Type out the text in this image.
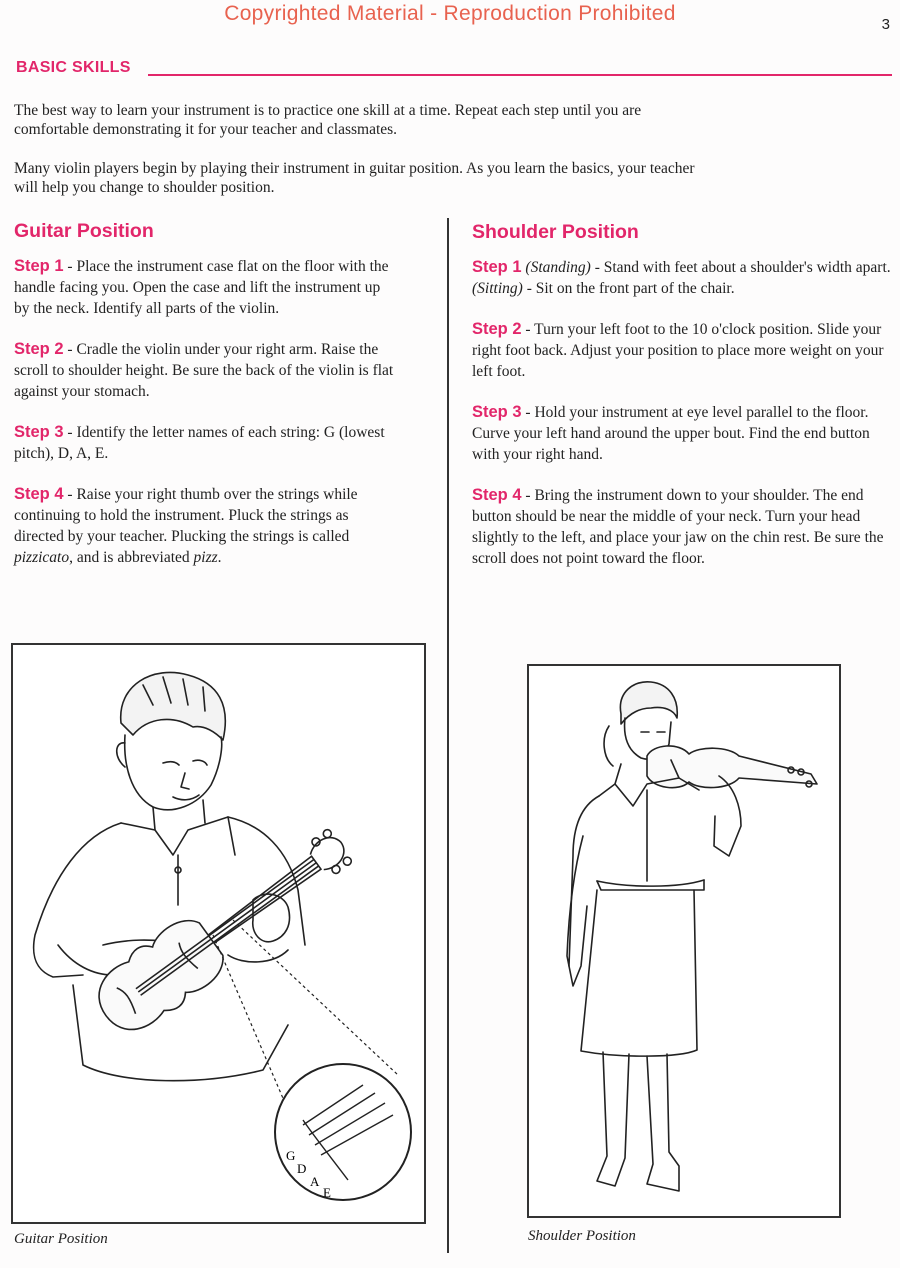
Copyrighted Material - Reproduction Prohibited	3
BASIC SKILLS

The best way to learn your instrument is to practice one skill at a time. Repeat each step until you are comfortable demonstrating it for your teacher and classmates.

Many violin players begin by playing their instrument in guitar position. As you learn the basics, your teacher will help you change to shoulder position.

Guitar Position

Step 1 - Place the instrument case flat on the floor with the handle facing you. Open the case and lift the instrument up by the neck. Identify all parts of the violin.

Step 2 - Cradle the violin under your right arm. Raise the scroll to shoulder height. Be sure the back of the violin is flat against your stomach.

Step 3 - Identify the letter names of each string: G (lowest pitch), D, A, E.

Step 4 - Raise your right thumb over the strings while continuing to hold the instrument. Pluck the strings as directed by your teacher. Plucking the strings is called pizzicato, and is abbreviated pizz.

Shoulder Position

Step 1 (Standing) - Stand with feet about a shoulder's width apart. (Sitting) - Sit on the front part of the chair.

Step 2 - Turn your left foot to the 10 o'clock position. Slide your right foot back. Adjust your position to place more weight on your left foot.

Step 3 - Hold your instrument at eye level parallel to the floor. Curve your left hand around the upper bout. Find the end button with your right hand.

Step 4 - Bring the instrument down to your shoulder. The end button should be near the middle of your neck. Turn your head slightly to the left, and place your jaw on the chin rest. Be sure the scroll does not point toward the floor.

G
D
A
E
Guitar Position	Shoulder Position
